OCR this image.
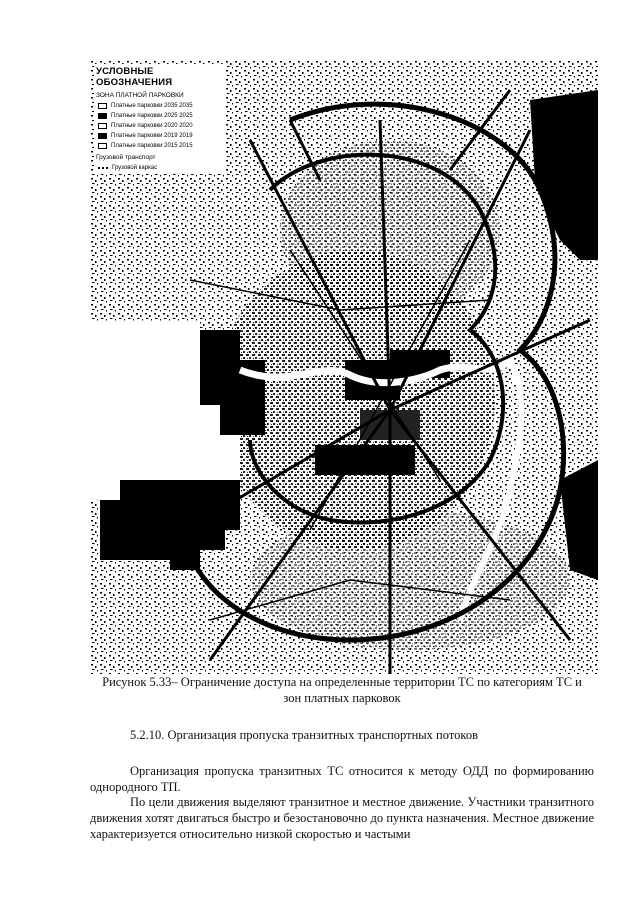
УСЛОВНЫЕ ОБОЗНАЧЕНИЯ
ЗОНА ПЛАТНОЙ ПАРКОВКИ
Платные парковки 2035 2035
Платные парковки 2025 2025
Платные парковки 2020 2020
Платные парковки 2019 2019
Платные парковки 2015 2015
Грузовой транспорт
Грузовой каркас
Рисунок 5.33– Ограничение доступа на определенные территории ТС по категориям ТС и
зон платных парковок
5.2.10. Организация пропуска транзитных транспортных потоков
Организация пропуска транзитных ТС относится к методу ОДД по формированию однородного ТП.
По цели движения выделяют транзитное и местное движение. Участники транзитного движения хотят двигаться быстро и безостановочно до пункта назначения. Местное движение характеризуется относительно низкой скоростью и частыми
